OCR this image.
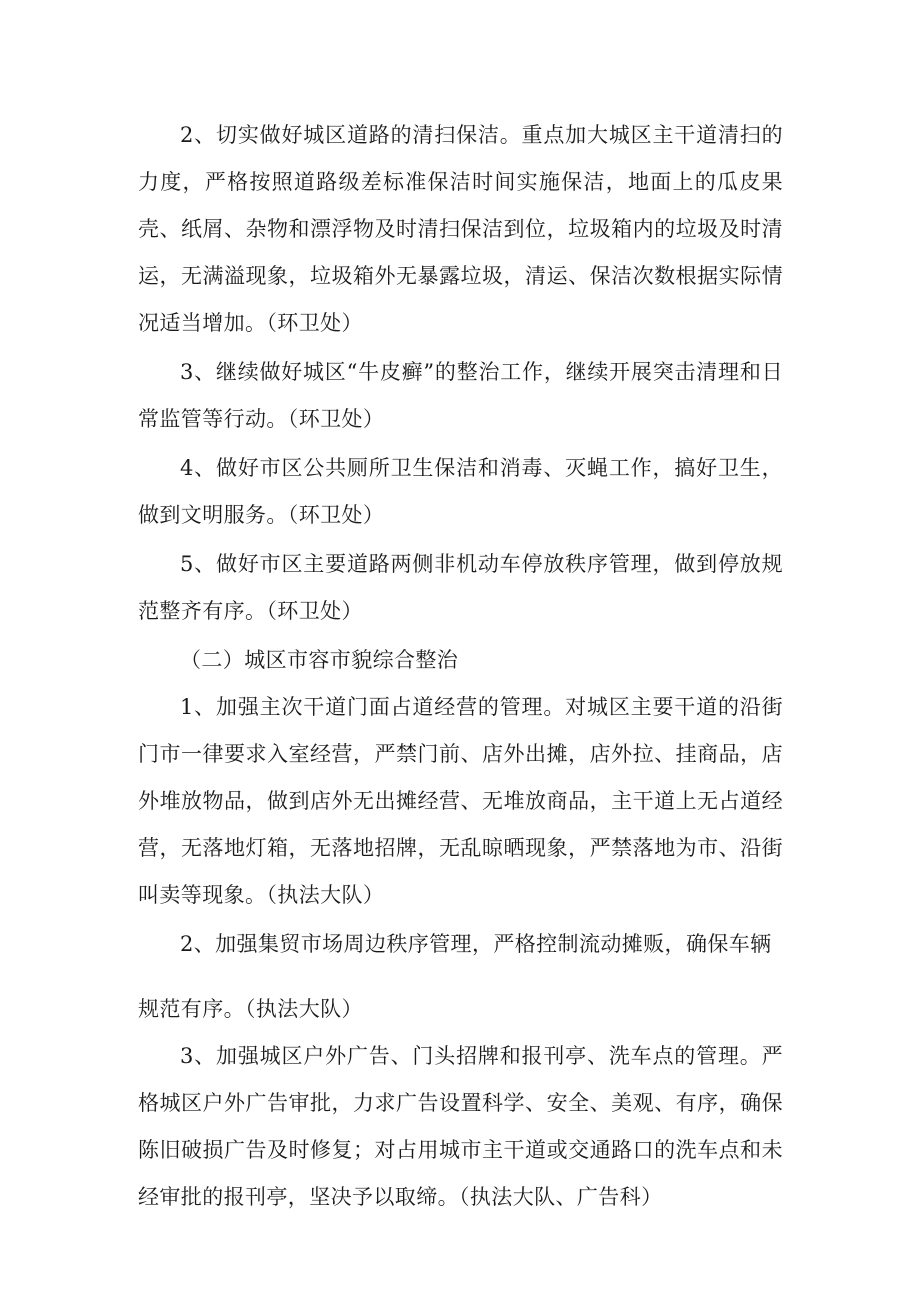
2、切实做好城区道路的清扫保洁。重点加大城区主干道清扫的力度，严格按照道路级差标准保洁时间实施保洁，地面上的瓜皮果壳、纸屑、杂物和漂浮物及时清扫保洁到位，垃圾箱内的垃圾及时清运，无满溢现象，垃圾箱外无暴露垃圾，清运、保洁次数根据实际情况适当增加。（环卫处）

3、继续做好城区“牛皮癣”的整治工作，继续开展突击清理和日常监管等行动。（环卫处）

4、做好市区公共厕所卫生保洁和消毒、灭蝇工作，搞好卫生，做到文明服务。（环卫处）

5、做好市区主要道路两侧非机动车停放秩序管理，做到停放规范整齐有序。（环卫处）

（二）城区市容市貌综合整治

1、加强主次干道门面占道经营的管理。对城区主要干道的沿街门市一律要求入室经营，严禁门前、店外出摊，店外拉、挂商品，店外堆放物品，做到店外无出摊经营、无堆放商品，主干道上无占道经营，无落地灯箱，无落地招牌，无乱晾晒现象，严禁落地为市、沿街叫卖等现象。（执法大队）

2、加强集贸市场周边秩序管理，严格控制流动摊贩，确保车辆

规范有序。（执法大队）

3、加强城区户外广告、门头招牌和报刊亭、洗车点的管理。严格城区户外广告审批，力求广告设置科学、安全、美观、有序，确保陈旧破损广告及时修复；对占用城市主干道或交通路口的洗车点和未经审批的报刊亭，坚决予以取缔。（执法大队、广告科）
